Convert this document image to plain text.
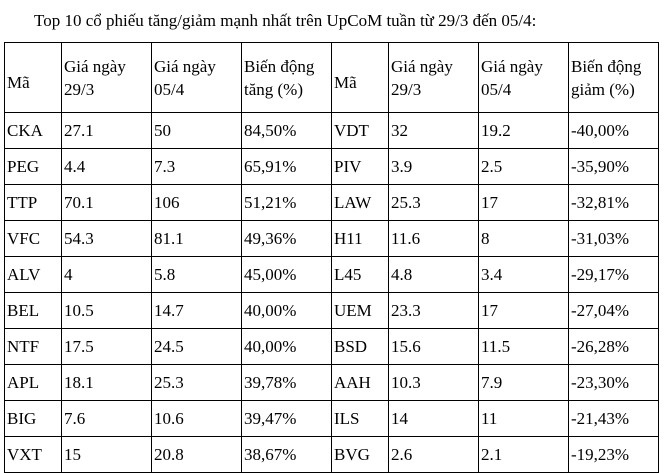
Top 10 cổ phiếu tăng/giảm mạnh nhất trên UpCoM tuần từ 29/3 đến 05/4:
Mã	Giá ngày 29/3	Giá ngày 05/4	Biến động tăng (%)	Mã	Giá ngày 29/3	Giá ngày 05/4	Biến động giảm (%)
CKA	27.1	50	84,50%	VDT	32	19.2	-40,00%
PEG	4.4	7.3	65,91%	PIV	3.9	2.5	-35,90%
TTP	70.1	106	51,21%	LAW	25.3	17	-32,81%
VFC	54.3	81.1	49,36%	H11	11.6	8	-31,03%
ALV	4	5.8	45,00%	L45	4.8	3.4	-29,17%
BEL	10.5	14.7	40,00%	UEM	23.3	17	-27,04%
NTF	17.5	24.5	40,00%	BSD	15.6	11.5	-26,28%
APL	18.1	25.3	39,78%	AAH	10.3	7.9	-23,30%
BIG	7.6	10.6	39,47%	ILS	14	11	-21,43%
VXT	15	20.8	38,67%	BVG	2.6	2.1	-19,23%
